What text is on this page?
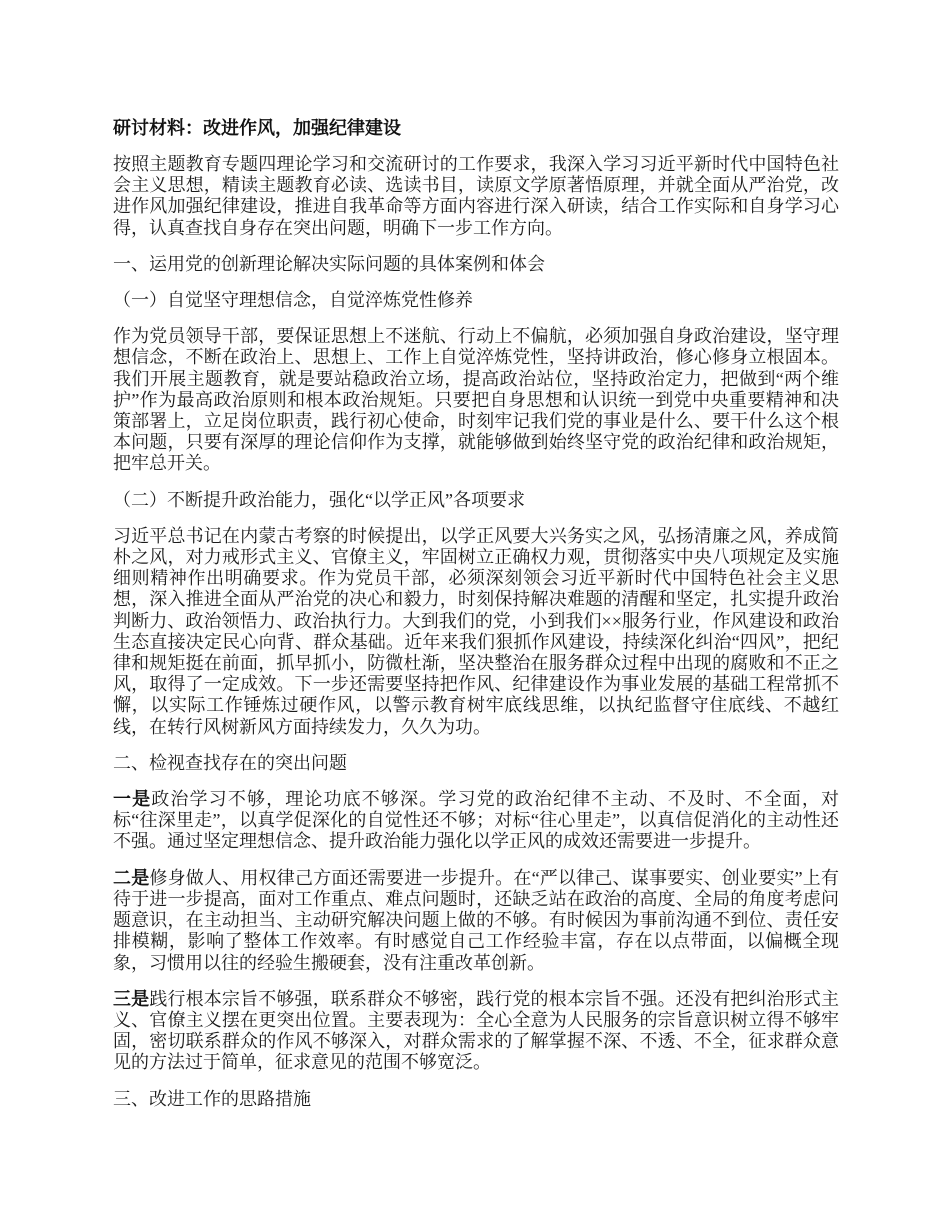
研讨材料：改进作风，加强纪律建设

按照主题教育专题四理论学习和交流研讨的工作要求，我深入学习习近平新时代中国特色社会主义思想，精读主题教育必读、选读书目，读原文学原著悟原理，并就全面从严治党，改进作风加强纪律建设，推进自我革命等方面内容进行深入研读，结合工作实际和自身学习心得，认真查找自身存在突出问题，明确下一步工作方向。

一、运用党的创新理论解决实际问题的具体案例和体会

（一）自觉坚守理想信念，自觉淬炼党性修养

作为党员领导干部，要保证思想上不迷航、行动上不偏航，必须加强自身政治建设，坚守理想信念，不断在政治上、思想上、工作上自觉淬炼党性，坚持讲政治，修心修身立根固本。我们开展主题教育，就是要站稳政治立场，提高政治站位，坚持政治定力，把做到“两个维护”作为最高政治原则和根本政治规矩。只要把自身思想和认识统一到党中央重要精神和决策部署上，立足岗位职责，践行初心使命，时刻牢记我们党的事业是什么、要干什么这个根本问题，只要有深厚的理论信仰作为支撑，就能够做到始终坚守党的政治纪律和政治规矩，把牢总开关。

（二）不断提升政治能力，强化“以学正风”各项要求

习近平总书记在内蒙古考察的时候提出，以学正风要大兴务实之风，弘扬清廉之风，养成简朴之风，对力戒形式主义、官僚主义，牢固树立正确权力观，贯彻落实中央八项规定及实施细则精神作出明确要求。作为党员干部，必须深刻领会习近平新时代中国特色社会主义思想，深入推进全面从严治党的决心和毅力，时刻保持解决难题的清醒和坚定，扎实提升政治判断力、政治领悟力、政治执行力。大到我们的党，小到我们××服务行业，作风建设和政治生态直接决定民心向背、群众基础。近年来我们狠抓作风建设，持续深化纠治“四风”，把纪律和规矩挺在前面，抓早抓小，防微杜渐，坚决整治在服务群众过程中出现的腐败和不正之风，取得了一定成效。下一步还需要坚持把作风、纪律建设作为事业发展的基础工程常抓不懈，以实际工作锤炼过硬作风，以警示教育树牢底线思维，以执纪监督守住底线、不越红线，在转行风树新风方面持续发力，久久为功。

二、检视查找存在的突出问题

一是政治学习不够，理论功底不够深。学习党的政治纪律不主动、不及时、不全面，对标“往深里走”，以真学促深化的自觉性还不够；对标“往心里走”，以真信促消化的主动性还不强。通过坚定理想信念、提升政治能力强化以学正风的成效还需要进一步提升。

二是修身做人、用权律己方面还需要进一步提升。在“严以律己、谋事要实、创业要实”上有待于进一步提高，面对工作重点、难点问题时，还缺乏站在政治的高度、全局的角度考虑问题意识，在主动担当、主动研究解决问题上做的不够。有时候因为事前沟通不到位、责任安排模糊，影响了整体工作效率。有时感觉自己工作经验丰富，存在以点带面，以偏概全现象，习惯用以往的经验生搬硬套，没有注重改革创新。

三是践行根本宗旨不够强，联系群众不够密，践行党的根本宗旨不强。还没有把纠治形式主义、官僚主义摆在更突出位置。主要表现为：全心全意为人民服务的宗旨意识树立得不够牢固，密切联系群众的作风不够深入，对群众需求的了解掌握不深、不透、不全，征求群众意见的方法过于简单，征求意见的范围不够宽泛。

三、改进工作的思路措施
